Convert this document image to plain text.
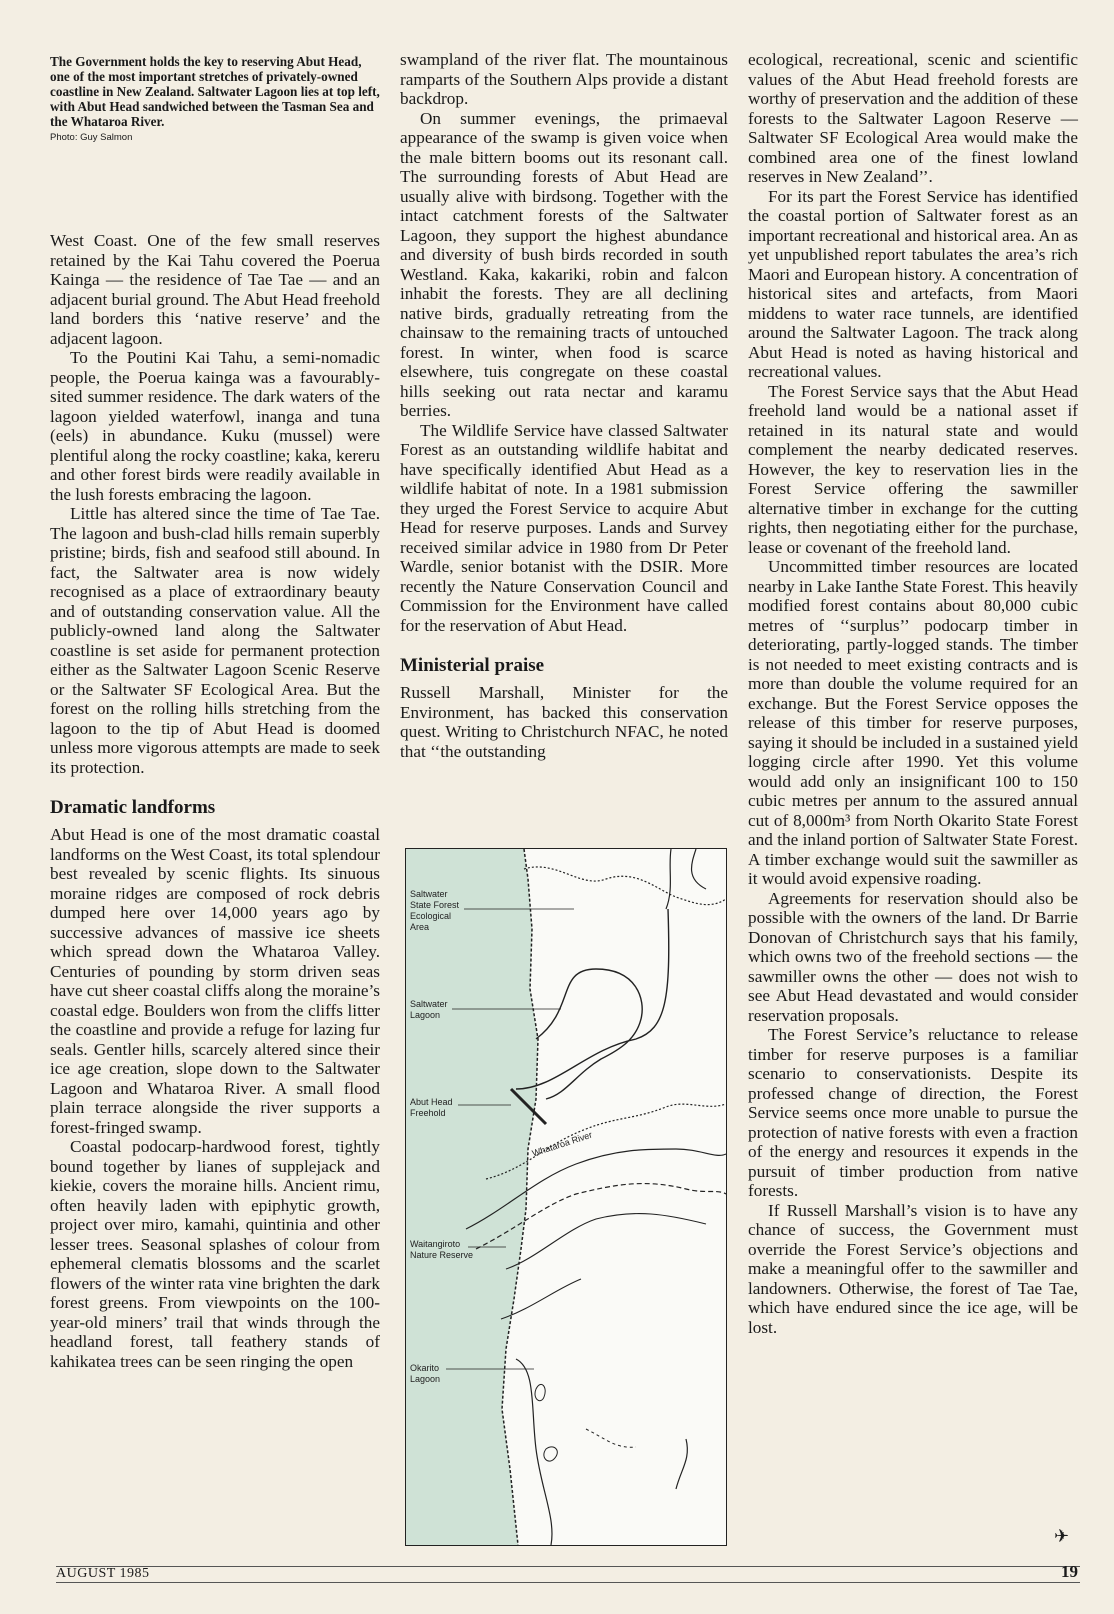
The Government holds the key to reserving Abut Head, one of the most important stretches of privately-owned coastline in New Zealand. Saltwater Lagoon lies at top left, with Abut Head sandwiched between the Tasman Sea and the Whataroa River.
Photo: Guy Salmon

West Coast. One of the few small reserves retained by the Kai Tahu covered the Poerua Kainga — the residence of Tae Tae — and an adjacent burial ground. The Abut Head freehold land borders this ‘native reserve’ and the adjacent lagoon.

To the Poutini Kai Tahu, a semi-nomadic people, the Poerua kainga was a favourably-sited summer residence. The dark waters of the lagoon yielded waterfowl, inanga and tuna (eels) in abundance. Kuku (mussel) were plentiful along the rocky coastline; kaka, kereru and other forest birds were readily available in the lush forests embracing the lagoon.

Little has altered since the time of Tae Tae. The lagoon and bush-clad hills remain superbly pristine; birds, fish and seafood still abound. In fact, the Saltwater area is now widely recognised as a place of extraordinary beauty and of outstanding conservation value. All the publicly-owned land along the Saltwater coastline is set aside for permanent protection either as the Saltwater Lagoon Scenic Reserve or the Saltwater SF Ecological Area. But the forest on the rolling hills stretching from the lagoon to the tip of Abut Head is doomed unless more vigorous attempts are made to seek its protection.

Dramatic landforms

Abut Head is one of the most dramatic coastal landforms on the West Coast, its total splendour best revealed by scenic flights. Its sinuous moraine ridges are composed of rock debris dumped here over 14,000 years ago by successive advances of massive ice sheets which spread down the Whataroa Valley. Centuries of pounding by storm driven seas have cut sheer coastal cliffs along the moraine’s coastal edge. Boulders won from the cliffs litter the coastline and provide a refuge for lazing fur seals. Gentler hills, scarcely altered since their ice age creation, slope down to the Saltwater Lagoon and Whataroa River. A small flood plain terrace alongside the river supports a forest-fringed swamp.

Coastal podocarp-hardwood forest, tightly bound together by lianes of supplejack and kiekie, covers the moraine hills. Ancient rimu, often heavily laden with epiphytic growth, project over miro, kamahi, quintinia and other lesser trees. Seasonal splashes of colour from ephemeral clematis blossoms and the scarlet flowers of the winter rata vine brighten the dark forest greens. From viewpoints on the 100-year-old miners’ trail that winds through the headland forest, tall feathery stands of kahikatea trees can be seen ringing the open

swampland of the river flat. The mountainous ramparts of the Southern Alps provide a distant backdrop.

On summer evenings, the primaeval appearance of the swamp is given voice when the male bittern booms out its resonant call. The surrounding forests of Abut Head are usually alive with birdsong. Together with the intact catchment forests of the Saltwater Lagoon, they support the highest abundance and diversity of bush birds recorded in south Westland. Kaka, kakariki, robin and falcon inhabit the forests. They are all declining native birds, gradually retreating from the chainsaw to the remaining tracts of untouched forest. In winter, when food is scarce elsewhere, tuis congregate on these coastal hills seeking out rata nectar and karamu berries.

The Wildlife Service have classed Saltwater Forest as an outstanding wildlife habitat and have specifically identified Abut Head as a wildlife habitat of note. In a 1981 submission they urged the Forest Service to acquire Abut Head for reserve purposes. Lands and Survey received similar advice in 1980 from Dr Peter Wardle, senior botanist with the DSIR. More recently the Nature Conservation Council and Commission for the Environment have called for the reservation of Abut Head.

Ministerial praise

Russell Marshall, Minister for the Environment, has backed this conservation quest. Writing to Christchurch NFAC, he noted that ‘‘the outstanding

Saltwater State Forest Ecological Area
Saltwater Lagoon
Abut Head Freehold
Whataroa River
Waitangiroto Nature Reserve
Okarito Lagoon

ecological, recreational, scenic and scientific values of the Abut Head freehold forests are worthy of preservation and the addition of these forests to the Saltwater Lagoon Reserve — Saltwater SF Ecological Area would make the combined area one of the finest lowland reserves in New Zealand’’.

For its part the Forest Service has identified the coastal portion of Saltwater forest as an important recreational and historical area. An as yet unpublished report tabulates the area’s rich Maori and European history. A concentration of historical sites and artefacts, from Maori middens to water race tunnels, are identified around the Saltwater Lagoon. The track along Abut Head is noted as having historical and recreational values.

The Forest Service says that the Abut Head freehold land would be a national asset if retained in its natural state and would complement the nearby dedicated reserves. However, the key to reservation lies in the Forest Service offering the sawmiller alternative timber in exchange for the cutting rights, then negotiating either for the purchase, lease or covenant of the freehold land.

Uncommitted timber resources are located nearby in Lake Ianthe State Forest. This heavily modified forest contains about 80,000 cubic metres of ‘‘surplus’’ podocarp timber in deteriorating, partly-logged stands. The timber is not needed to meet existing contracts and is more than double the volume required for an exchange. But the Forest Service opposes the release of this timber for reserve purposes, saying it should be included in a sustained yield logging circle after 1990. Yet this volume would add only an insignificant 100 to 150 cubic metres per annum to the assured annual cut of 8,000m³ from North Okarito State Forest and the inland portion of Saltwater State Forest. A timber exchange would suit the sawmiller as it would avoid expensive roading.

Agreements for reservation should also be possible with the owners of the land. Dr Barrie Donovan of Christchurch says that his family, which owns two of the freehold sections — the sawmiller owns the other — does not wish to see Abut Head devastated and would consider reservation proposals.

The Forest Service’s reluctance to release timber for reserve purposes is a familiar scenario to conservationists. Despite its professed change of direction, the Forest Service seems once more unable to pursue the protection of native forests with even a fraction of the energy and resources it expends in the pursuit of timber production from native forests.

If Russell Marshall’s vision is to have any chance of success, the Government must override the Forest Service’s objections and make a meaningful offer to the sawmiller and landowners. Otherwise, the forest of Tae Tae, which have endured since the ice age, will be lost.

✈
AUGUST 1985	19
